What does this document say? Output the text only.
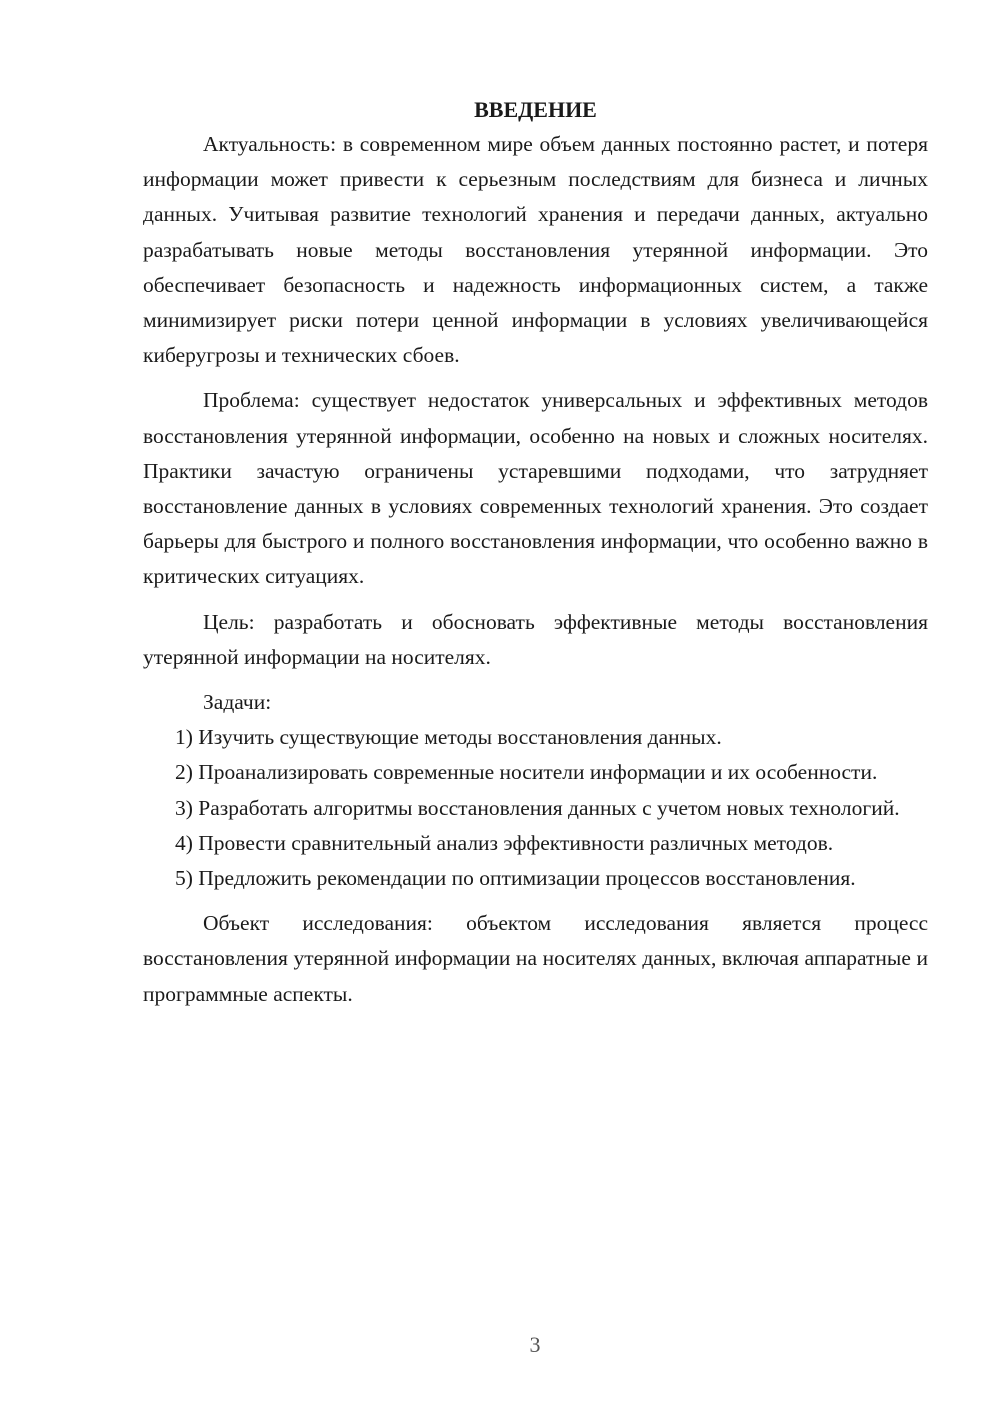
ВВЕДЕНИЕ

Актуальность: в современном мире объем данных постоянно растет, и потеря информации может привести к серьезным последствиям для бизнеса и личных данных. Учитывая развитие технологий хранения и передачи данных, актуально разрабатывать новые методы восстановления утерянной информации. Это обеспечивает безопасность и надежность информационных систем, а также минимизирует риски потери ценной информации в условиях увеличивающейся киберугрозы и технических сбоев.

Проблема: существует недостаток универсальных и эффективных методов восстановления утерянной информации, особенно на новых и сложных носителях. Практики зачастую ограничены устаревшими подходами, что затрудняет восстановление данных в условиях современных технологий хранения. Это создает барьеры для быстрого и полного восстановления информации, что особенно важно в критических ситуациях.

Цель: разработать и обосновать эффективные методы восстановления утерянной информации на носителях.

Задачи:

1) Изучить существующие методы восстановления данных.

2) Проанализировать современные носители информации и их особенности.

3) Разработать алгоритмы восстановления данных с учетом новых технологий.

4) Провести сравнительный анализ эффективности различных методов.

5) Предложить рекомендации по оптимизации процессов восстановления.

Объект исследования: объектом исследования является процесс восстановления утерянной информации на носителях данных, включая аппаратные и программные аспекты.

3
